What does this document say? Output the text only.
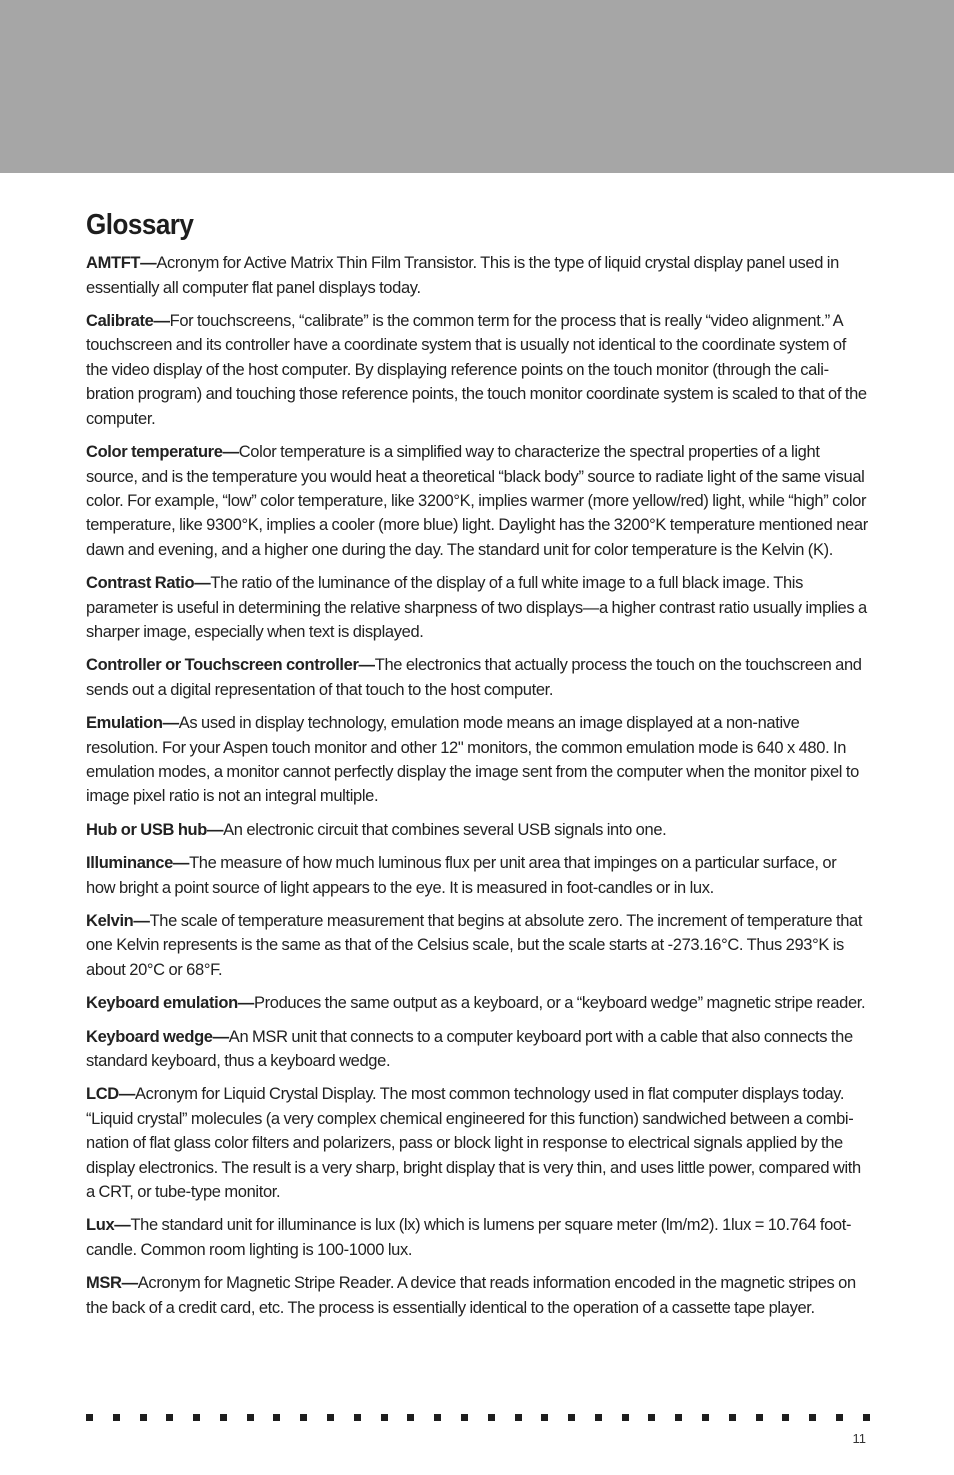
Glossary

AMTFT—Acronym for Active Matrix Thin Film Transistor. This is the type of liquid crystal display panel used in essentially all computer flat panel displays today.

Calibrate—For touchscreens, “calibrate” is the common term for the process that is really “video alignment.” A touchscreen and its controller have a coordinate system that is usually not identical to the coordinate system of the video display of the host computer. By displaying reference points on the touch monitor (through the calibration program) and touching those reference points, the touch monitor coordinate system is scaled to that of the computer.

Color temperature—Color temperature is a simplified way to characterize the spectral properties of a light source, and is the temperature you would heat a theoretical “black body” source to radiate light of the same visual color. For example, “low” color temperature, like 3200°K, implies warmer (more yellow/red) light, while “high” color temperature, like 9300°K, implies a cooler (more blue) light. Daylight has the 3200°K temperature mentioned near dawn and evening, and a higher one during the day. The standard unit for color temperature is the Kelvin (K).

Contrast Ratio—The ratio of the luminance of the display of a full white image to a full black image. This parameter is useful in determining the relative sharpness of two displays—a higher contrast ratio usually implies a sharper image, especially when text is displayed.

Controller or Touchscreen controller—The electronics that actually process the touch on the touchscreen and sends out a digital representation of that touch to the host computer.

Emulation—As used in display technology, emulation mode means an image displayed at a non-native resolution. For your Aspen touch monitor and other 12" monitors, the common emulation mode is 640 x 480. In emulation modes, a monitor cannot perfectly display the image sent from the computer when the monitor pixel to image pixel ratio is not an integral multiple.

Hub or USB hub—An electronic circuit that combines several USB signals into one.

Illuminance—The measure of how much luminous flux per unit area that impinges on a particular surface, or how bright a point source of light appears to the eye. It is measured in foot-candles or in lux.

Kelvin—The scale of temperature measurement that begins at absolute zero. The increment of temperature that one Kelvin represents is the same as that of the Celsius scale, but the scale starts at -273.16°C. Thus 293°K is about 20°C or 68°F.

Keyboard emulation—Produces the same output as a keyboard, or a “keyboard wedge” magnetic stripe reader.

Keyboard wedge—An MSR unit that connects to a computer keyboard port with a cable that also connects the standard keyboard, thus a keyboard wedge.

LCD—Acronym for Liquid Crystal Display. The most common technology used in flat computer displays today. “Liquid crystal” molecules (a very complex chemical engineered for this function) sandwiched between a combination of flat glass color filters and polarizers, pass or block light in response to electrical signals applied by the display electronics. The result is a very sharp, bright display that is very thin, and uses little power, compared with a CRT, or tube-type monitor.

Lux—The standard unit for illuminance is lux (lx) which is lumens per square meter (lm/m2). 1lux = 10.764 foot-candle. Common room lighting is 100-1000 lux.

MSR—Acronym for Magnetic Stripe Reader. A device that reads information encoded in the magnetic stripes on the back of a credit card, etc. The process is essentially identical to the operation of a cassette tape player.

11
